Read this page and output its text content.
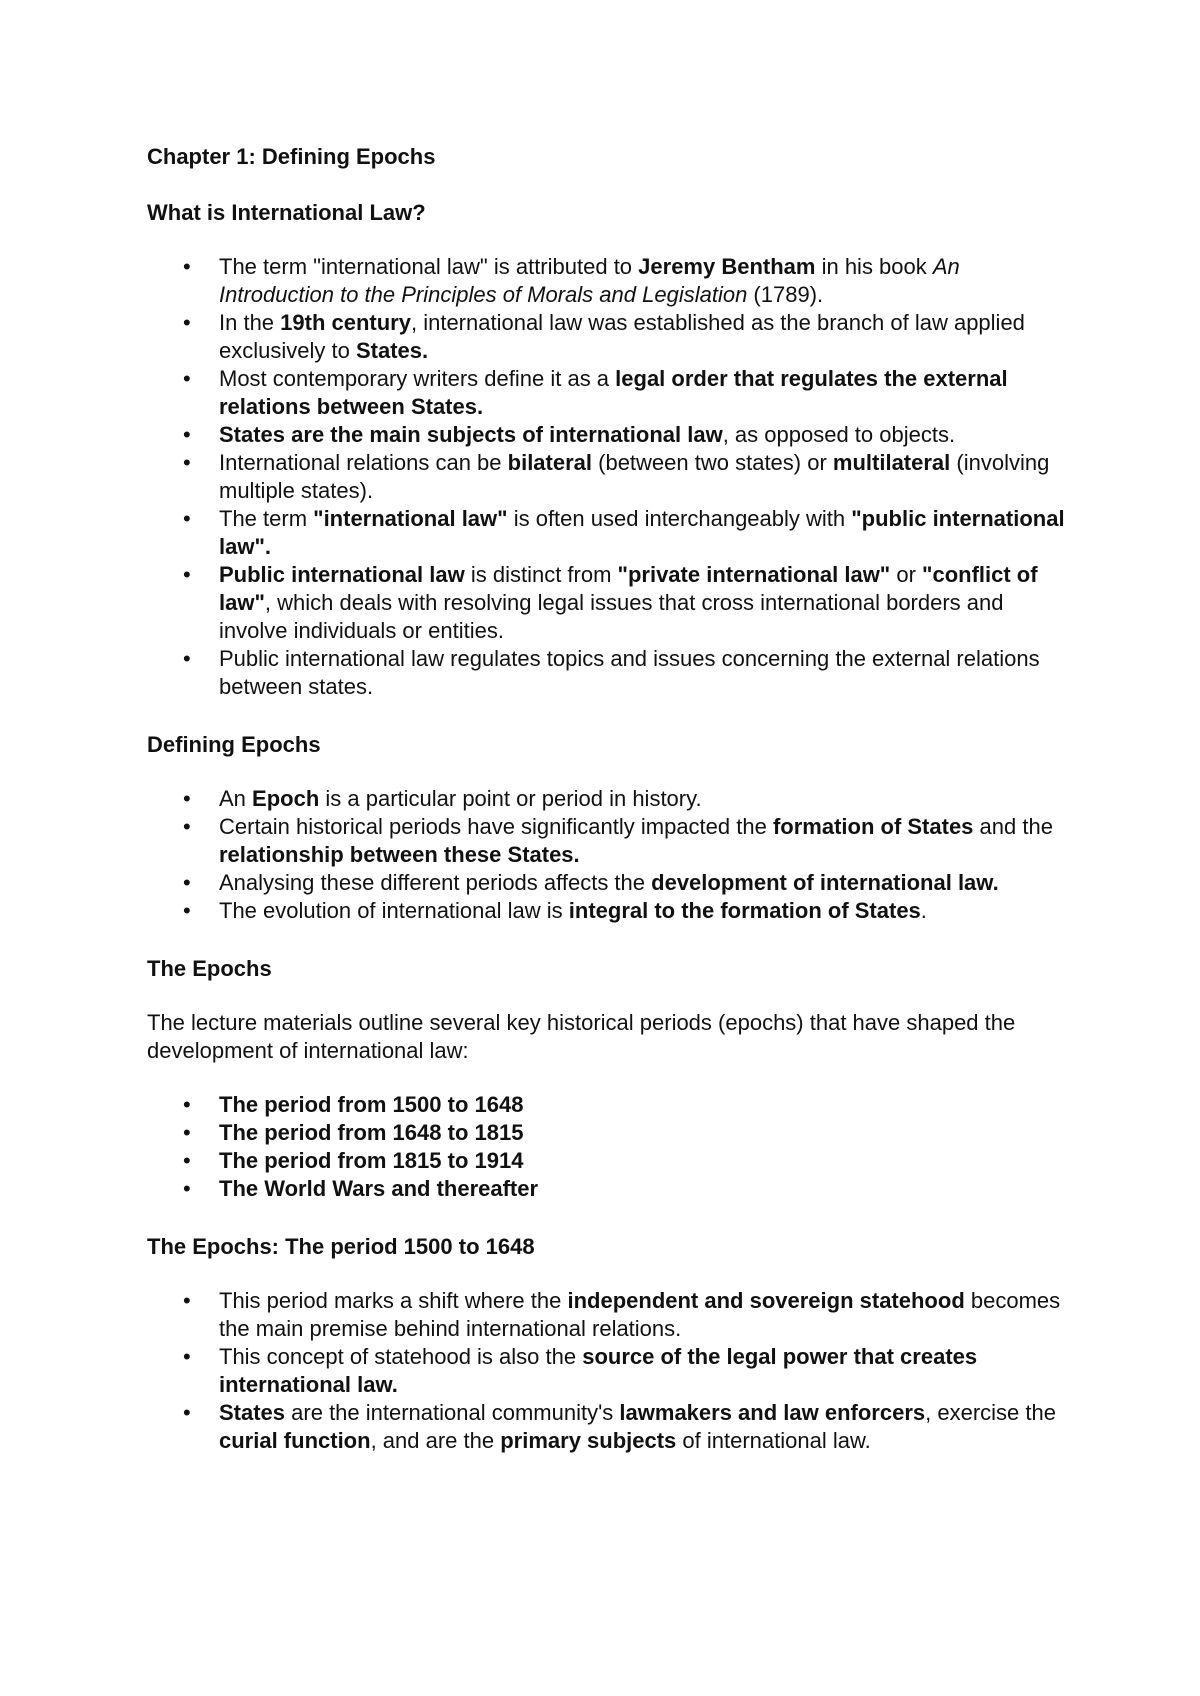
Chapter 1: Defining Epochs
What is International Law?
• The term "international law" is attributed to Jeremy Bentham in his book An Introduction to the Principles of Morals and Legislation (1789).
• In the 19th century, international law was established as the branch of law applied exclusively to States.
• Most contemporary writers define it as a legal order that regulates the external relations between States.
• States are the main subjects of international law, as opposed to objects.
• International relations can be bilateral (between two states) or multilateral (involving multiple states).
• The term "international law" is often used interchangeably with "public international law".
• Public international law is distinct from "private international law" or "conflict of law", which deals with resolving legal issues that cross international borders and involve individuals or entities.
• Public international law regulates topics and issues concerning the external relations between states.
Defining Epochs
• An Epoch is a particular point or period in history.
• Certain historical periods have significantly impacted the formation of States and the relationship between these States.
• Analysing these different periods affects the development of international law.
• The evolution of international law is integral to the formation of States.
The Epochs

The lecture materials outline several key historical periods (epochs) that have shaped the development of international law:

• The period from 1500 to 1648
• The period from 1648 to 1815
• The period from 1815 to 1914
• The World Wars and thereafter
The Epochs: The period 1500 to 1648
• This period marks a shift where the independent and sovereign statehood becomes the main premise behind international relations.
• This concept of statehood is also the source of the legal power that creates international law.
• States are the international community's lawmakers and law enforcers, exercise the curial function, and are the primary subjects of international law.
